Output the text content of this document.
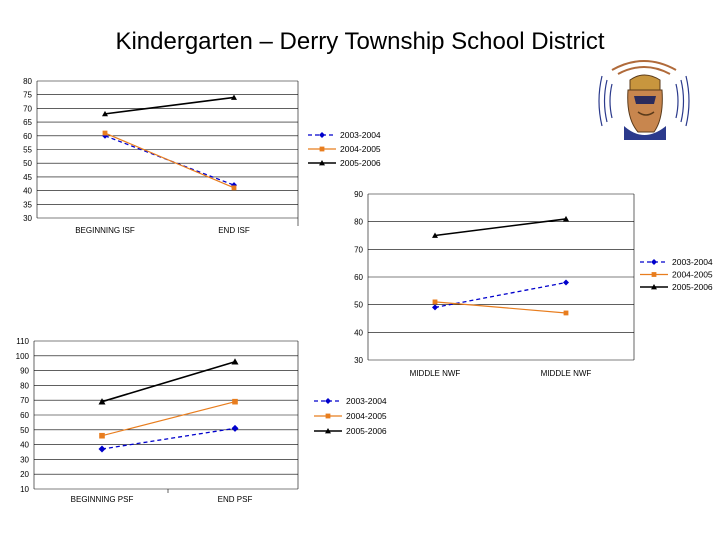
Kindergarten – Derry Township School District
30
35
40
45
50
55
60
65
70
75
80
BEGINNING ISF	END ISF
2003-2004
2004-2005
2005-2006
30
40
50
60
70
80
90
MIDDLE NWF	MIDDLE NWF
2003-2004
2004-2005
2005-2006
10
20
30
40
50
60
70
80
90
100
110
BEGINNING PSF	END PSF
2003-2004
2004-2005
2005-2006
